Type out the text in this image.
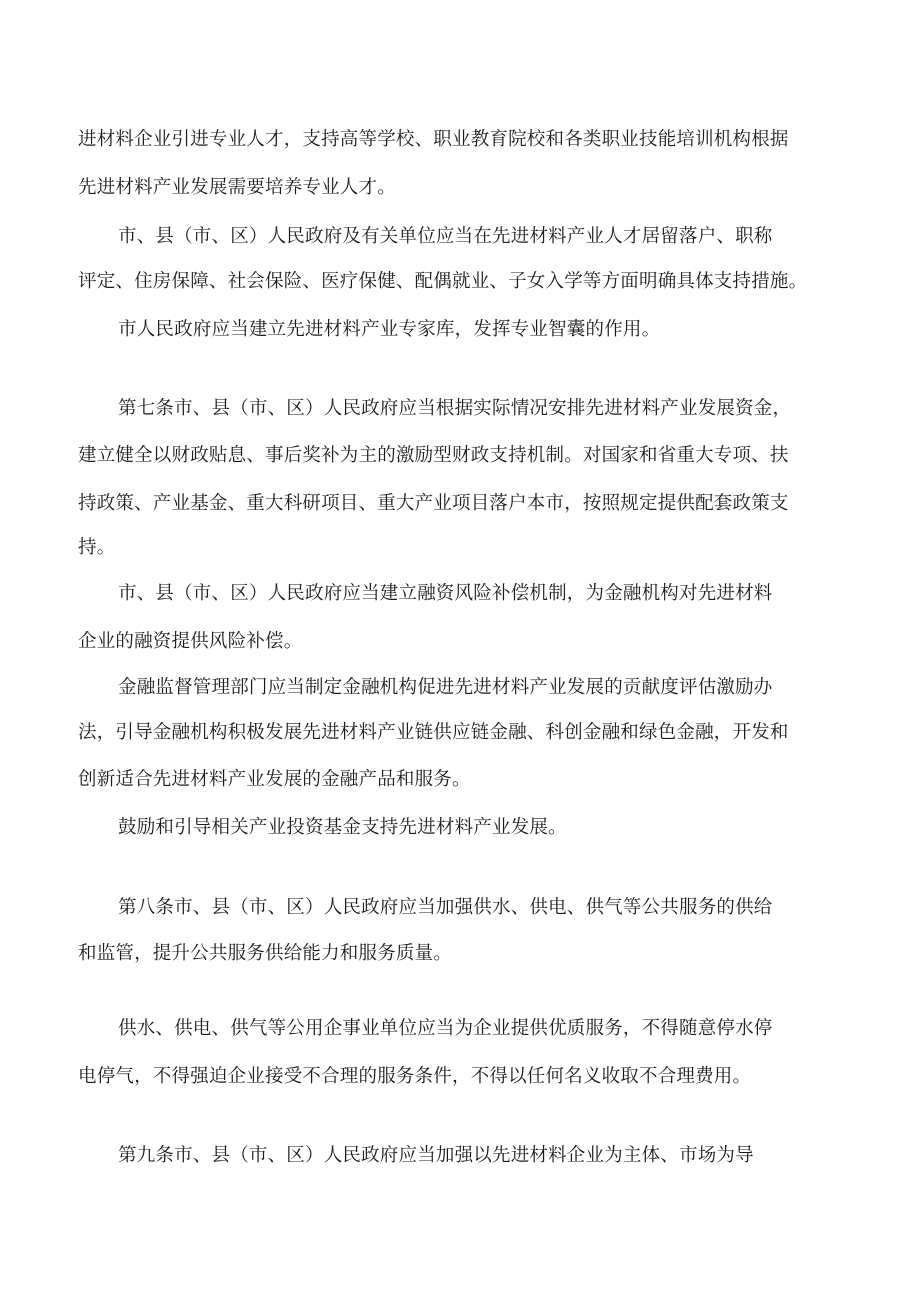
进材料企业引进专业人才，支持高等学校、职业教育院校和各类职业技能培训机构根据
先进材料产业发展需要培养专业人才。
市、县（市、区）人民政府及有关单位应当在先进材料产业人才居留落户、职称
评定、住房保障、社会保险、医疗保健、配偶就业、子女入学等方面明确具体支持措施。
市人民政府应当建立先进材料产业专家库，发挥专业智囊的作用。
第七条市、县（市、区）人民政府应当根据实际情况安排先进材料产业发展资金，
建立健全以财政贴息、事后奖补为主的激励型财政支持机制。对国家和省重大专项、扶
持政策、产业基金、重大科研项目、重大产业项目落户本市，按照规定提供配套政策支
持。
市、县（市、区）人民政府应当建立融资风险补偿机制，为金融机构对先进材料
企业的融资提供风险补偿。
金融监督管理部门应当制定金融机构促进先进材料产业发展的贡献度评估激励办
法，引导金融机构积极发展先进材料产业链供应链金融、科创金融和绿色金融，开发和
创新适合先进材料产业发展的金融产品和服务。
鼓励和引导相关产业投资基金支持先进材料产业发展。
第八条市、县（市、区）人民政府应当加强供水、供电、供气等公共服务的供给
和监管，提升公共服务供给能力和服务质量。
供水、供电、供气等公用企事业单位应当为企业提供优质服务，不得随意停水停
电停气，不得强迫企业接受不合理的服务条件，不得以任何名义收取不合理费用。
第九条市、县（市、区）人民政府应当加强以先进材料企业为主体、市场为导
